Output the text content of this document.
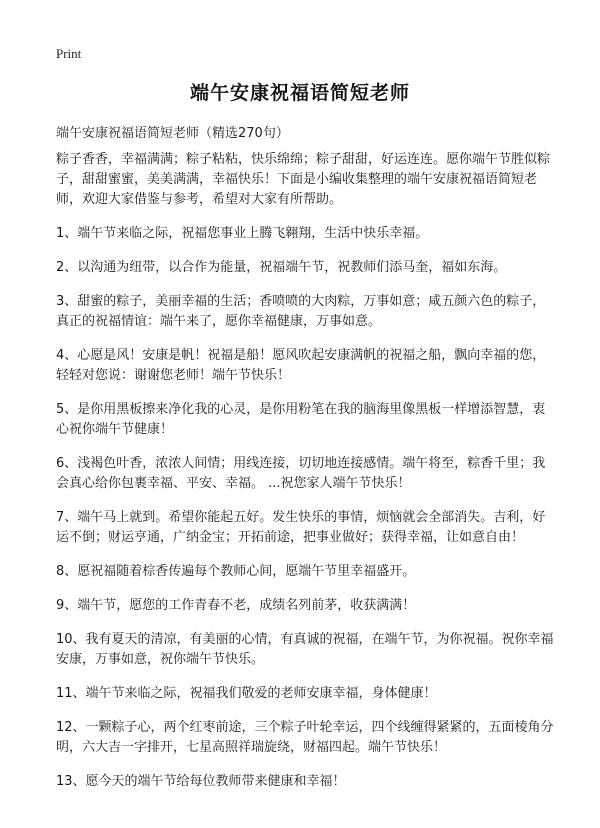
Print
端午安康祝福语简短老师

端午安康祝福语简短老师（精选270句）

粽子香香，幸福满满；粽子粘粘，快乐绵绵；粽子甜甜，好运连连。愿你端午节胜似粽子，甜甜蜜蜜，美美满满，幸福快乐！下面是小编收集整理的端午安康祝福语简短老师，欢迎大家借鉴与参考，希望对大家有所帮助。

1、端午节来临之际，祝福您事业上腾飞翱翔，生活中快乐幸福。

2、以沟通为纽带，以合作为能量，祝福端午节，祝教师们添马奎，福如东海。

3、甜蜜的粽子，美丽幸福的生活；香喷喷的大肉粽，万事如意；咸五颜六色的粽子，真正的祝福情谊：端午来了，愿你幸福健康，万事如意。

4、心愿是风！安康是帆！祝福是船！愿风吹起安康满帆的祝福之船，飘向幸福的您，轻轻对您说：谢谢您老师！端午节快乐！

5、是你用黑板擦来净化我的心灵，是你用粉笔在我的脑海里像黑板一样增添智慧，衷心祝你端午节健康！

6、浅褐色叶香，浓浓人间情；用线连接，切切地连接感情。端午将至，粽香千里；我会真心给你包裹幸福、平安、幸福。 ...祝您家人端午节快乐！

7、端午马上就到。希望你能起五好。发生快乐的事情，烦恼就会全部消失。吉利，好运不倒；财运亨通，广纳金宝；开拓前途，把事业做好；获得幸福，让如意自由！

8、愿祝福随着棕香传遍每个教师心间，愿端午节里幸福盛开。

9、端午节，愿您的工作青春不老，成绩名列前茅，收获满满！

10、我有夏天的清凉，有美丽的心情，有真诚的祝福，在端午节，为你祝福。祝你幸福安康，万事如意，祝你端午节快乐。

11、端午节来临之际，祝福我们敬爱的老师安康幸福，身体健康！

12、一颗粽子心，两个红枣前途，三个粽子叶轮幸运，四个线缠得紧紧的，五面棱角分明，六大吉一字排开，七星高照祥瑞旋绕，财福四起。端午节快乐！

13、愿今天的端午节给每位教师带来健康和幸福！
